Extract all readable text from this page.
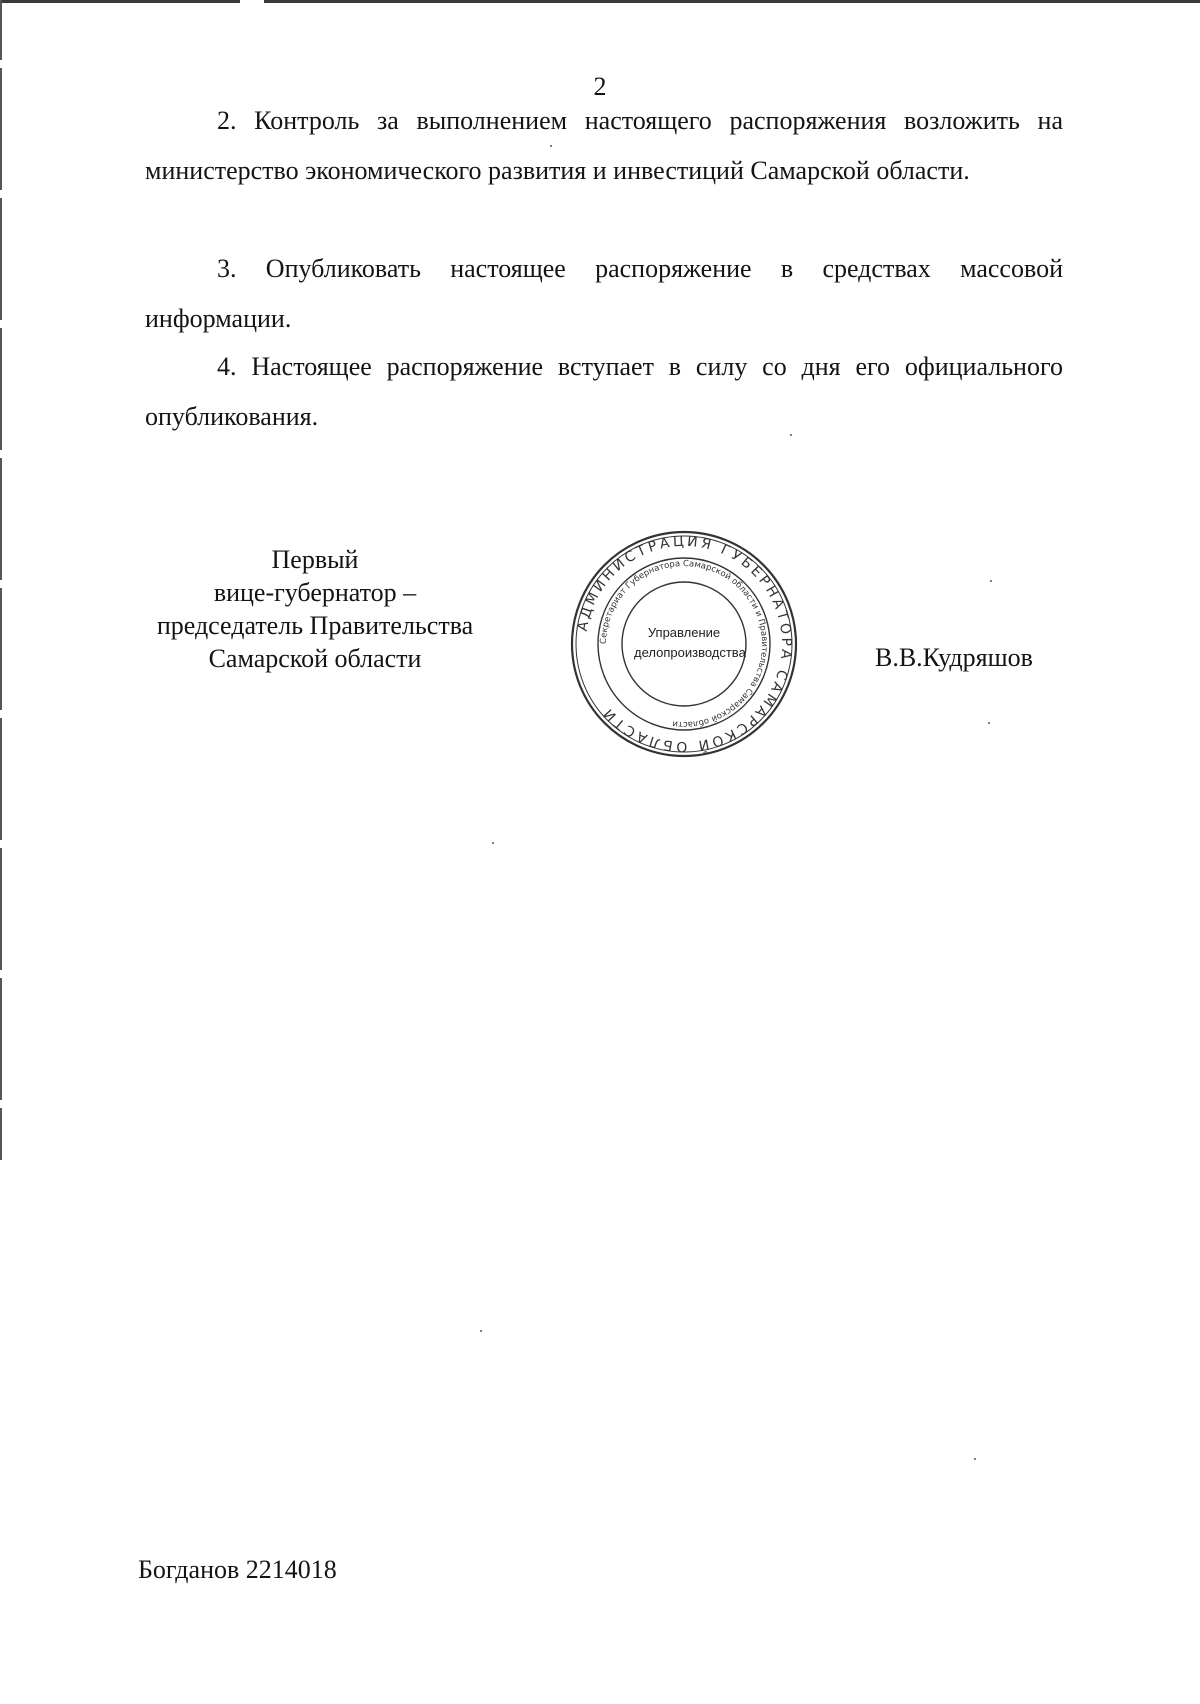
2

2. Контроль за выполнением настоящего распоряжения возложить на министерство экономического развития и инвестиций Самарской области.

3. Опубликовать настоящее распоряжение в средствах массовой информации.

4. Настоящее распоряжение вступает в силу со дня его официального опубликования.

Первый
вице-губернатор –
председатель Правительства
Самарской области
АДМИНИСТРАЦИЯ ГУБЕРНАТОРА САМАРСКОЙ ОБЛАСТИ
Секретариат Губернатора Самарской области и Правительства Самарской области
Управление
делопроизводства	В.В.Кудряшов
Богданов 2214018
